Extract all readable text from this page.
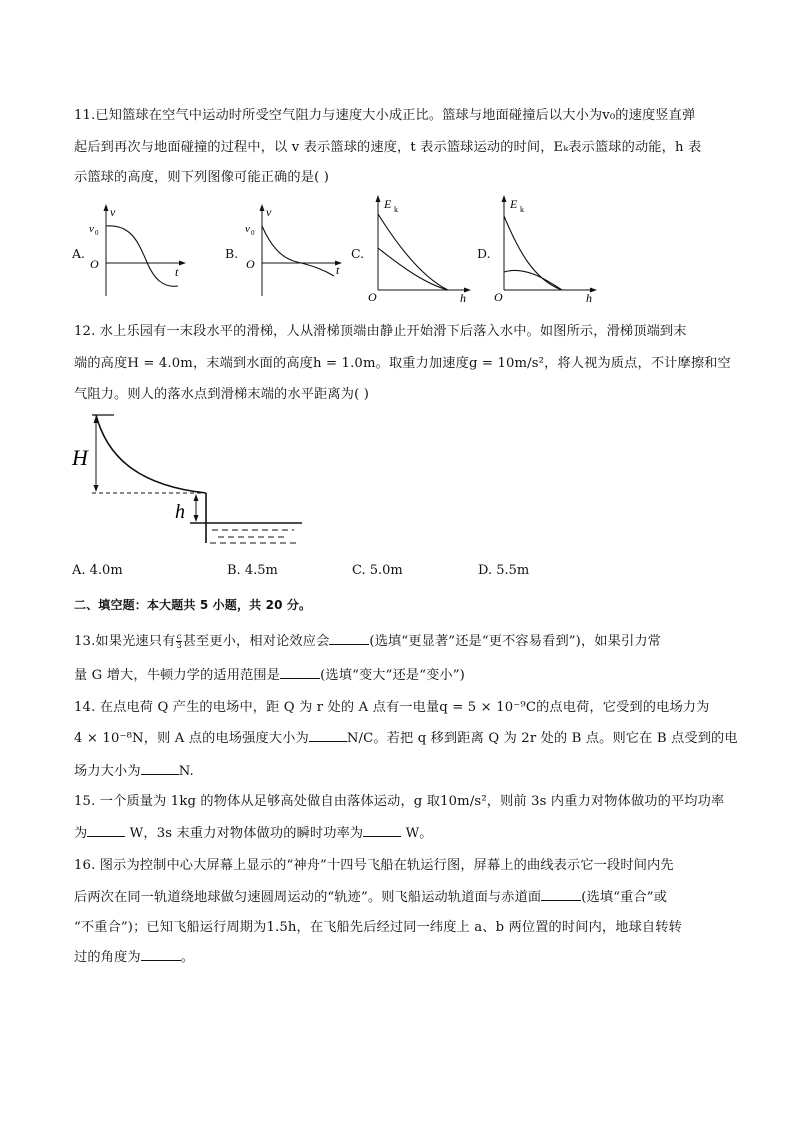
11.已知篮球在空气中运动时所受空气阻力与速度大小成正比。篮球与地面碰撞后以大小为v₀的速度竖直弹
起后到再次与地面碰撞的过程中，以 v 表示篮球的速度，t 表示篮球运动的时间，Eₖ表示篮球的动能，h 表
示篮球的高度，则下列图像可能正确的是( )
A.	B.	C.	D.
v 0
v
O
t
v 0
v
O	t
E k
O	h
E k
O	h
12. 水上乐园有一末段水平的滑梯，人从滑梯顶端由静止开始滑下后落入水中。如图所示，滑梯顶端到末
端的高度H = 4.0m，末端到水面的高度h = 1.0m。取重力加速度g = 10m/s²，将人视为质点，不计摩擦和空
气阻力。则人的落水点到滑梯末端的水平距离为( )
H
h
A. 4.0m	B. 4.5m	C. 5.0m	D. 5.5m
二、填空题：本大题共 5 小题，共 20 分。
13.如果光速只有 $\frac{c}{3}$ 甚至更小，相对论效应会	(选填“更显著”还是“更不容易看到”)，如果引力常
量 G 增大，牛顿力学的适用范围是	(选填“变大”还是“变小”)
14. 在点电荷 Q 产生的电场中，距 Q 为 r 处的 A 点有一电量q = 5 × 10⁻⁹C的点电荷，它受到的电场力为
4 × 10⁻⁸N，则 A 点的电场强度大小为	N/C。若把 q 移到距离 Q 为 2r 处的 B 点。则它在 B 点受到的电
场力大小为	N.
15. 一个质量为 1kg 的物体从足够高处做自由落体运动，g 取10m/s²，则前 3s 内重力对物体做功的平均功率
为	W，3s 末重力对物体做功的瞬时功率为	W。
16. 图示为控制中心大屏幕上显示的“神舟”十四号飞船在轨运行图，屏幕上的曲线表示它一段时间内先
后两次在同一轨道绕地球做匀速圆周运动的“轨迹”。则飞船运动轨道面与赤道面	(选填“重合”或
“不重合”)；已知飞船运行周期为1.5h，在飞船先后经过同一纬度上 a、b 两位置的时间内，地球自转转
过的角度为	。
